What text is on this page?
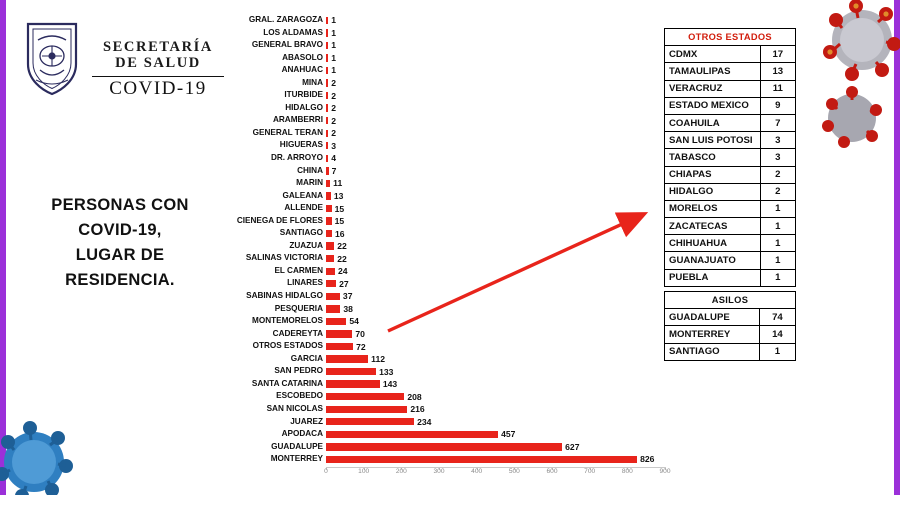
SECRETARÍA
DE SALUD
COVID-19
PERSONAS CON
COVID-19,
LUGAR DE
RESIDENCIA.
GRAL. ZARAGOZA 1
LOS ALDAMAS 1
GENERAL BRAVO 1
ABASOLO 1
ANAHUAC 1
MINA 2
ITURBIDE 2
HIDALGO 2
ARAMBERRI 2
GENERAL TERAN 2
HIGUERAS 3
DR. ARROYO 4
CHINA 7
MARIN 11
GALEANA 13
ALLENDE 15
CIENEGA DE FLORES 15
SANTIAGO 16
ZUAZUA 22
SALINAS VICTORIA 22
EL CARMEN 24
LINARES 27
SABINAS HIDALGO 37
PESQUERIA 38
MONTEMORELOS	54
CADEREYTA	70
OTROS ESTADOS	72
GARCIA	112
SAN PEDRO	133
SANTA CATARINA	143
ESCOBEDO	208
SAN NICOLAS	216
JUAREZ	234
APODACA	457
GUADALUPE	627
MONTERREY	826
0	100	200	300	400	500	600	700	800	900
OTROS ESTADOS	
CDMX	17
TAMAULIPAS	13
VERACRUZ	11
ESTADO MEXICO	9
COAHUILA	7
SAN LUIS POTOSI	3
TABASCO	3
CHIAPAS	2
HIDALGO	2
MORELOS	1
ZACATECAS	1
CHIHUAHUA	1
GUANAJUATO	1
PUEBLA	1
ASILOS	
GUADALUPE	74
MONTERREY	14
SANTIAGO	1
